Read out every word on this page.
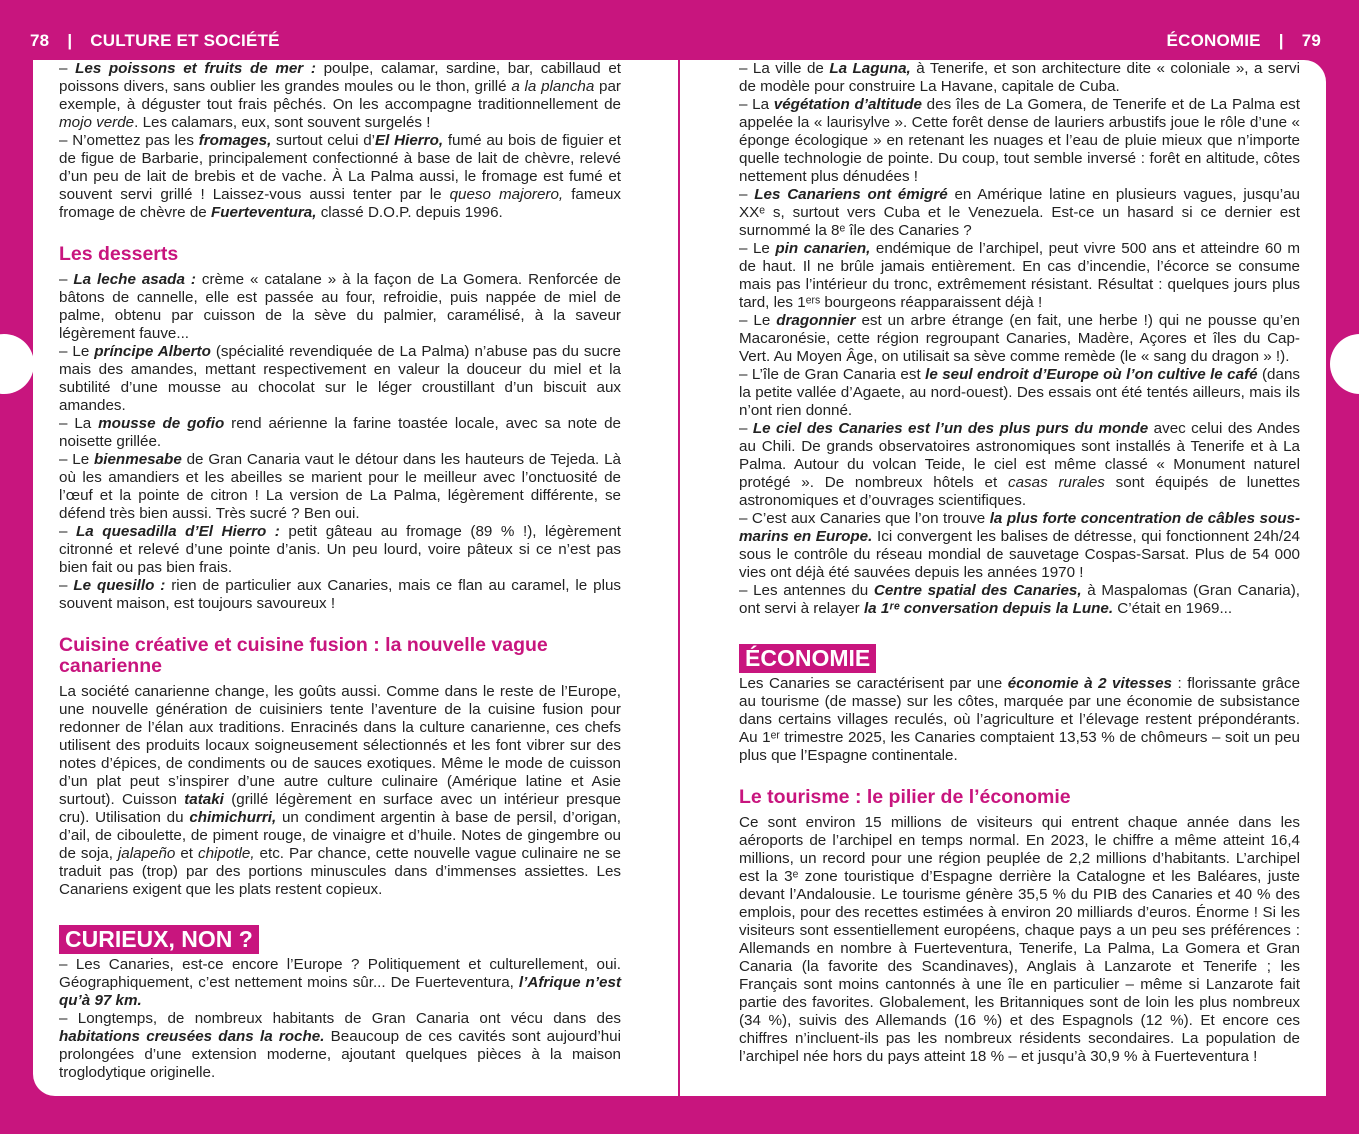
78 | CULTURE ET SOCIÉTÉ	ÉCONOMIE | 79

– Les poissons et fruits de mer : poulpe, calamar, sardine, bar, cabillaud et poissons divers, sans oublier les grandes moules ou le thon, grillé a la plancha par exemple, à déguster tout frais pêchés. On les accompagne traditionnellement de mojo verde. Les calamars, eux, sont souvent surgelés !

– N’omettez pas les fromages, surtout celui d’El Hierro, fumé au bois de figuier et de figue de Barbarie, principalement confectionné à base de lait de chèvre, relevé d’un peu de lait de brebis et de vache. À La Palma aussi, le fromage est fumé et souvent servi grillé ! Laissez-vous aussi tenter par le queso majorero, fameux fromage de chèvre de Fuerteventura, classé D.O.P. depuis 1996.

Les desserts

– La leche asada : crème « catalane » à la façon de La Gomera. Renforcée de bâtons de cannelle, elle est passée au four, refroidie, puis nappée de miel de palme, obtenu par cuisson de la sève du palmier, caramélisé, à la saveur légèrement fauve...

– Le príncipe Alberto (spécialité revendiquée de La Palma) n’abuse pas du sucre mais des amandes, mettant respectivement en valeur la douceur du miel et la subtilité d’une mousse au chocolat sur le léger croustillant d’un biscuit aux amandes.

– La mousse de gofio rend aérienne la farine toastée locale, avec sa note de noisette grillée.

– Le bienmesabe de Gran Canaria vaut le détour dans les hauteurs de Tejeda. Là où les amandiers et les abeilles se marient pour le meilleur avec l’onctuosité de l’œuf et la pointe de citron ! La version de La Palma, légèrement différente, se défend très bien aussi. Très sucré ? Ben oui.

– La quesadilla d’El Hierro : petit gâteau au fromage (89 % !), légèrement citronné et relevé d’une pointe d’anis. Un peu lourd, voire pâteux si ce n’est pas bien fait ou pas bien frais.

– Le quesillo : rien de particulier aux Canaries, mais ce flan au caramel, le plus souvent maison, est toujours savoureux !

Cuisine créative et cuisine fusion : la nouvelle vague canarienne

La société canarienne change, les goûts aussi. Comme dans le reste de l’Europe, une nouvelle génération de cuisiniers tente l’aventure de la cuisine fusion pour redonner de l’élan aux traditions. Enracinés dans la culture canarienne, ces chefs utilisent des produits locaux soigneusement sélectionnés et les font vibrer sur des notes d’épices, de condiments ou de sauces exotiques. Même le mode de cuisson d’un plat peut s’inspirer d’une autre culture culinaire (Amérique latine et Asie surtout). Cuisson tataki (grillé légèrement en surface avec un intérieur presque cru). Utilisation du chimichurri, un condiment argentin à base de persil, d’origan, d’ail, de ciboulette, de piment rouge, de vinaigre et d’huile. Notes de gingembre ou de soja, jalapeño et chipotle, etc. Par chance, cette nouvelle vague culinaire ne se traduit pas (trop) par des portions minuscules dans d’immenses assiettes. Les Canariens exigent que les plats restent copieux.

CURIEUX, NON ?

– Les Canaries, est-ce encore l’Europe ? Politiquement et culturellement, oui. Géographiquement, c’est nettement moins sûr... De Fuerteventura, l’Afrique n’est qu’à 97 km.

– Longtemps, de nombreux habitants de Gran Canaria ont vécu dans des habitations creusées dans la roche. Beaucoup de ces cavités sont aujourd’hui prolongées d’une extension moderne, ajoutant quelques pièces à la maison troglodytique originelle.

– La ville de La Laguna, à Tenerife, et son architecture dite « coloniale », a servi de modèle pour construire La Havane, capitale de Cuba.

– La végétation d’altitude des îles de La Gomera, de Tenerife et de La Palma est appelée la « laurisylve ». Cette forêt dense de lauriers arbustifs joue le rôle d’une « éponge écologique » en retenant les nuages et l’eau de pluie mieux que n’importe quelle technologie de pointe. Du coup, tout semble inversé : forêt en altitude, côtes nettement plus dénudées !

– Les Canariens ont émigré en Amérique latine en plusieurs vagues, jusqu’au XXᵉ s, surtout vers Cuba et le Venezuela. Est-ce un hasard si ce dernier est surnommé la 8ᵉ île des Canaries ?

– Le pin canarien, endémique de l’archipel, peut vivre 500 ans et atteindre 60 m de haut. Il ne brûle jamais entièrement. En cas d’incendie, l’écorce se consume mais pas l’intérieur du tronc, extrêmement résistant. Résultat : quelques jours plus tard, les 1ᵉʳˢ bourgeons réapparaissent déjà !

– Le dragonnier est un arbre étrange (en fait, une herbe !) qui ne pousse qu’en Macaronésie, cette région regroupant Canaries, Madère, Açores et îles du Cap-Vert. Au Moyen Âge, on utilisait sa sève comme remède (le « sang du dragon » !).

– L’île de Gran Canaria est le seul endroit d’Europe où l’on cultive le café (dans la petite vallée d’Agaete, au nord-ouest). Des essais ont été tentés ailleurs, mais ils n’ont rien donné.

– Le ciel des Canaries est l’un des plus purs du monde avec celui des Andes au Chili. De grands observatoires astronomiques sont installés à Tenerife et à La Palma. Autour du volcan Teide, le ciel est même classé « Monument naturel protégé ». De nombreux hôtels et casas rurales sont équipés de lunettes astronomiques et d’ouvrages scientifiques.

– C’est aux Canaries que l’on trouve la plus forte concentration de câbles sous-marins en Europe. Ici convergent les balises de détresse, qui fonctionnent 24h/24 sous le contrôle du réseau mondial de sauvetage Cospas-Sarsat. Plus de 54 000 vies ont déjà été sauvées depuis les années 1970 !

– Les antennes du Centre spatial des Canaries, à Maspalomas (Gran Canaria), ont servi à relayer la 1ʳᵉ conversation depuis la Lune. C’était en 1969...

ÉCONOMIE

Les Canaries se caractérisent par une économie à 2 vitesses : florissante grâce au tourisme (de masse) sur les côtes, marquée par une économie de subsistance dans certains villages reculés, où l’agriculture et l’élevage restent prépondérants. Au 1ᵉʳ trimestre 2025, les Canaries comptaient 13,53 % de chômeurs – soit un peu plus que l’Espagne continentale.

Le tourisme : le pilier de l’économie

Ce sont environ 15 millions de visiteurs qui entrent chaque année dans les aéroports de l’archipel en temps normal. En 2023, le chiffre a même atteint 16,4 millions, un record pour une région peuplée de 2,2 millions d’habitants. L’archipel est la 3ᵉ zone touristique d’Espagne derrière la Catalogne et les Baléares, juste devant l’Andalousie. Le tourisme génère 35,5 % du PIB des Canaries et 40 % des emplois, pour des recettes estimées à environ 20 milliards d’euros. Énorme ! Si les visiteurs sont essentiellement européens, chaque pays a un peu ses préférences : Allemands en nombre à Fuerteventura, Tenerife, La Palma, La Gomera et Gran Canaria (la favorite des Scandinaves), Anglais à Lanzarote et Tenerife ; les Français sont moins cantonnés à une île en particulier – même si Lanzarote fait partie des favorites. Globalement, les Britanniques sont de loin les plus nombreux (34 %), suivis des Allemands (16 %) et des Espagnols (12 %). Et encore ces chiffres n’incluent-ils pas les nombreux résidents secondaires. La population de l’archipel née hors du pays atteint 18 % – et jusqu’à 30,9 % à Fuerteventura !
